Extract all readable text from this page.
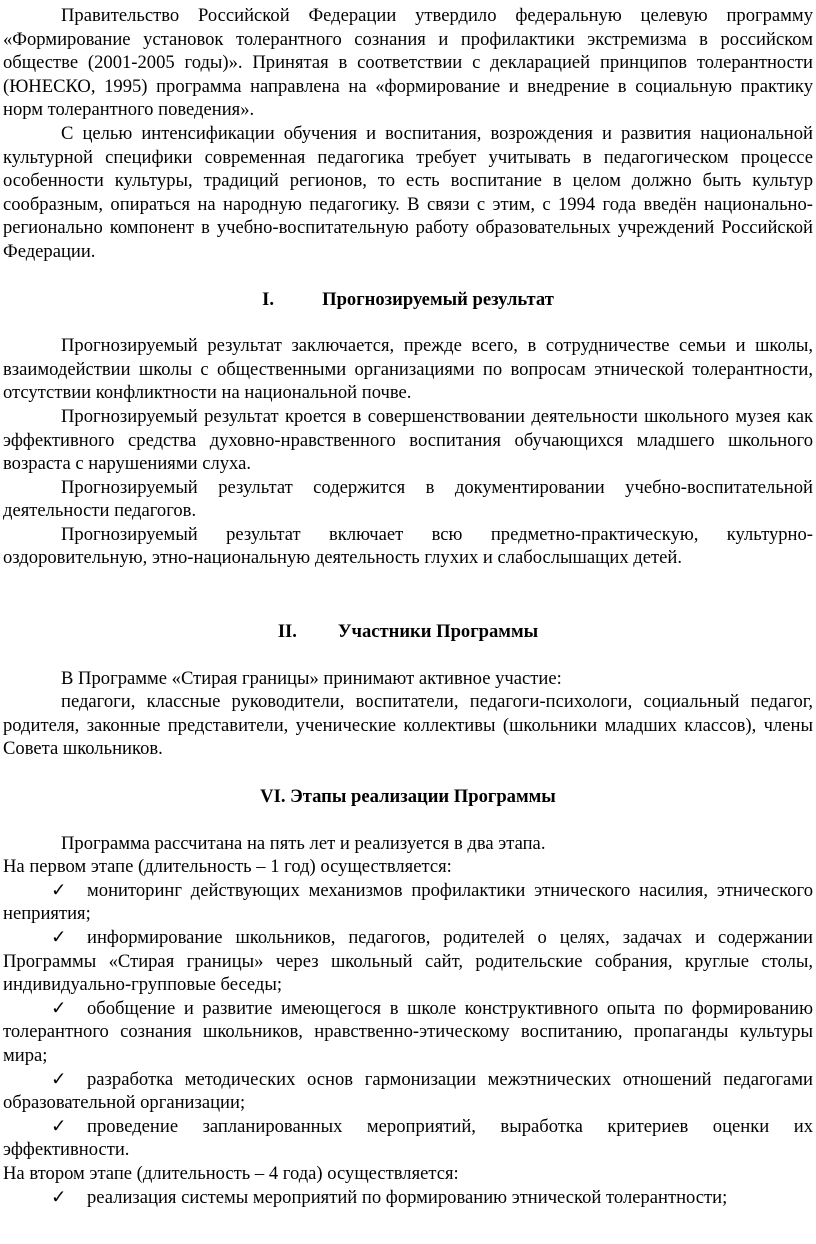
Правительство Российской Федерации утвердило федеральную целевую программу «Формирование установок толерантного сознания и профилактики экстремизма в российском обществе (2001-2005 годы)». Принятая в соответствии с декларацией принципов толерантности (ЮНЕСКО, 1995) программа направлена на «формирование и внедрение в социальную практику норм толерантного поведения».

С целью интенсификации обучения и воспитания, возрождения и развития национальной культурной специфики современная педагогика требует учитывать в педагогическом процессе особенности культуры, традиций регионов, то есть воспитание в целом должно быть культур сообразным, опираться на народную педагогику. В связи с этим, с 1994 года введён национально-регионально компонент в учебно-воспитательную работу образовательных учреждений Российской Федерации.

I.	Прогнозируемый результат

Прогнозируемый результат заключается, прежде всего, в сотрудничестве семьи и школы, взаимодействии школы с общественными организациями по вопросам этнической толерантности, отсутствии конфликтности на национальной почве.

Прогнозируемый результат кроется в совершенствовании деятельности школьного музея как эффективного средства духовно-нравственного воспитания обучающихся младшего школьного возраста с нарушениями слуха.

Прогнозируемый результат содержится в документировании учебно-воспитательной деятельности педагогов.

Прогнозируемый результат включает всю предметно-практическую, культурно-оздоровительную, этно-национальную деятельность глухих и слабослышащих детей.

II. Участники Программы

В Программе «Стирая границы» принимают активное участие:

педагоги, классные руководители, воспитатели, педагоги-психологи, социальный педагог, родителя, законные представители, ученические коллективы (школьники младших классов), члены Совета школьников.

VI. Этапы реализации Программы

Программа рассчитана на пять лет и реализуется в два этапа.

На первом этапе (длительность – 1 год) осуществляется:

✓ мониторинг действующих механизмов профилактики этнического насилия, этнического неприятия;

✓ информирование школьников, педагогов, родителей о целях, задачах и содержании Программы «Стирая границы» через школьный сайт, родительские собрания, круглые столы, индивидуально-групповые беседы;

✓ обобщение и развитие имеющегося в школе конструктивного опыта по формированию толерантного сознания школьников, нравственно-этическому воспитанию, пропаганды культуры мира;

✓ разработка методических основ гармонизации межэтнических отношений педагогами образовательной организации;

✓ проведение запланированных мероприятий, выработка критериев оценки их эффективности.

На втором этапе (длительность – 4 года) осуществляется:

✓ реализация системы мероприятий по формированию этнической толерантности;
